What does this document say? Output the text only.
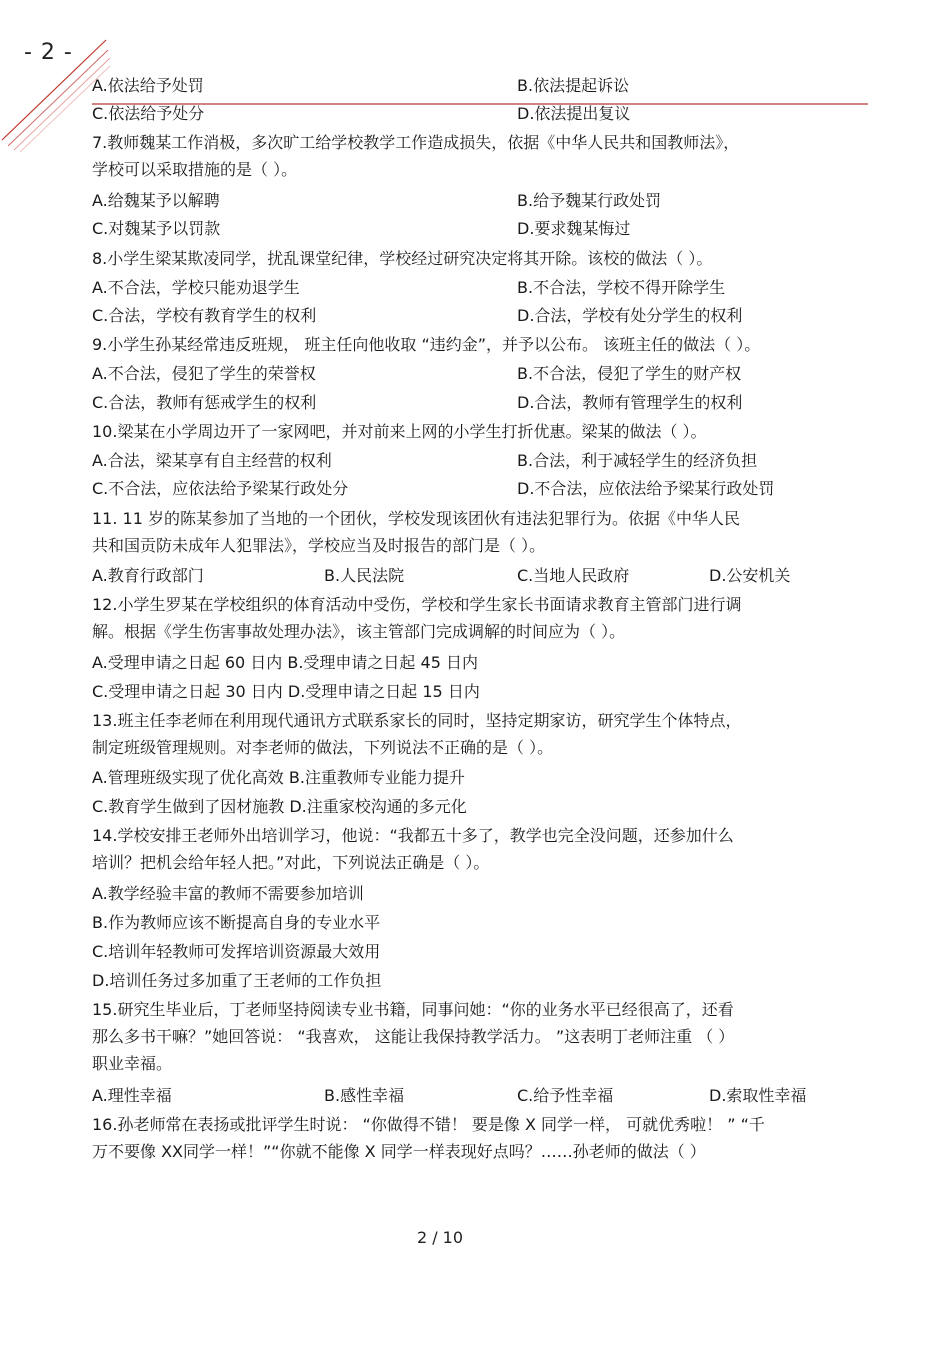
- 2 -
A.依法给予处罚	B.依法提起诉讼
C.依法给予处分	D.依法提出复议
7.教师魏某工作消极，多次旷工给学校教学工作造成损失，依据《中华人民共和国教师法》，
学校可以采取措施的是（ ）。
A.给魏某予以解聘	B.给予魏某行政处罚
C.对魏某予以罚款	D.要求魏某悔过
8.小学生梁某欺凌同学，扰乱课堂纪律，学校经过研究决定将其开除。该校的做法（ ）。
A.不合法，学校只能劝退学生	B.不合法，学校不得开除学生
C.合法，学校有教育学生的权利	D.合法，学校有处分学生的权利
9.小学生孙某经常违反班规， 班主任向他收取 “违约金”，并予以公布。 该班主任的做法（ ）。
A.不合法，侵犯了学生的荣誉权	B.不合法，侵犯了学生的财产权
C.合法，教师有惩戒学生的权利	D.合法，教师有管理学生的权利
10.梁某在小学周边开了一家网吧，并对前来上网的小学生打折优惠。梁某的做法（ ）。
A.合法，梁某享有自主经营的权利	B.合法，利于减轻学生的经济负担
C.不合法，应依法给予梁某行政处分	D.不合法，应依法给予梁某行政处罚
11. 11 岁的陈某参加了当地的一个团伙，学校发现该团伙有违法犯罪行为。依据《中华人民
共和国贡防未成年人犯罪法》，学校应当及时报告的部门是（ ）。
A.教育行政部门	B.人民法院	C.当地人民政府	D.公安机关
12.小学生罗某在学校组织的体育活动中受伤，学校和学生家长书面请求教育主管部门进行调
解。根据《学生伤害事故处理办法》，该主管部门完成调解的时间应为（ ）。
A.受理申请之日起 60 日内 B.受理申请之日起 45 日内
C.受理申请之日起 30 日内 D.受理申请之日起 15 日内
13.班主任李老师在利用现代通讯方式联系家长的同时，坚持定期家访，研究学生个体特点，
制定班级管理规则。对李老师的做法，下列说法不正确的是（ ）。
A.管理班级实现了优化高效 B.注重教师专业能力提升
C.教育学生做到了因材施教 D.注重家校沟通的多元化
14.学校安排王老师外出培训学习，他说：“我都五十多了，教学也完全没问题，还参加什么
培训？把机会给年轻人把。”对此，下列说法正确是（ ）。
A.教学经验丰富的教师不需要参加培训
B.作为教师应该不断提高自身的专业水平
C.培训年轻教师可发挥培训资源最大效用
D.培训任务过多加重了王老师的工作负担
15.研究生毕业后，丁老师坚持阅读专业书籍，同事问她：“你的业务水平已经很高了，还看
那么多书干嘛？”她回答说： “我喜欢， 这能让我保持教学活力。 ”这表明丁老师注重 （ ）
职业幸福。
A.理性幸福	B.感性幸福	C.给予性幸福	D.索取性幸福
16.孙老师常在表扬或批评学生时说： “你做得不错！ 要是像 X 同学一样， 可就优秀啦！ ” “千
万不要像 XX同学一样！”“你就不能像 X 同学一样表现好点吗？……孙老师的做法（ ）
2 / 10
